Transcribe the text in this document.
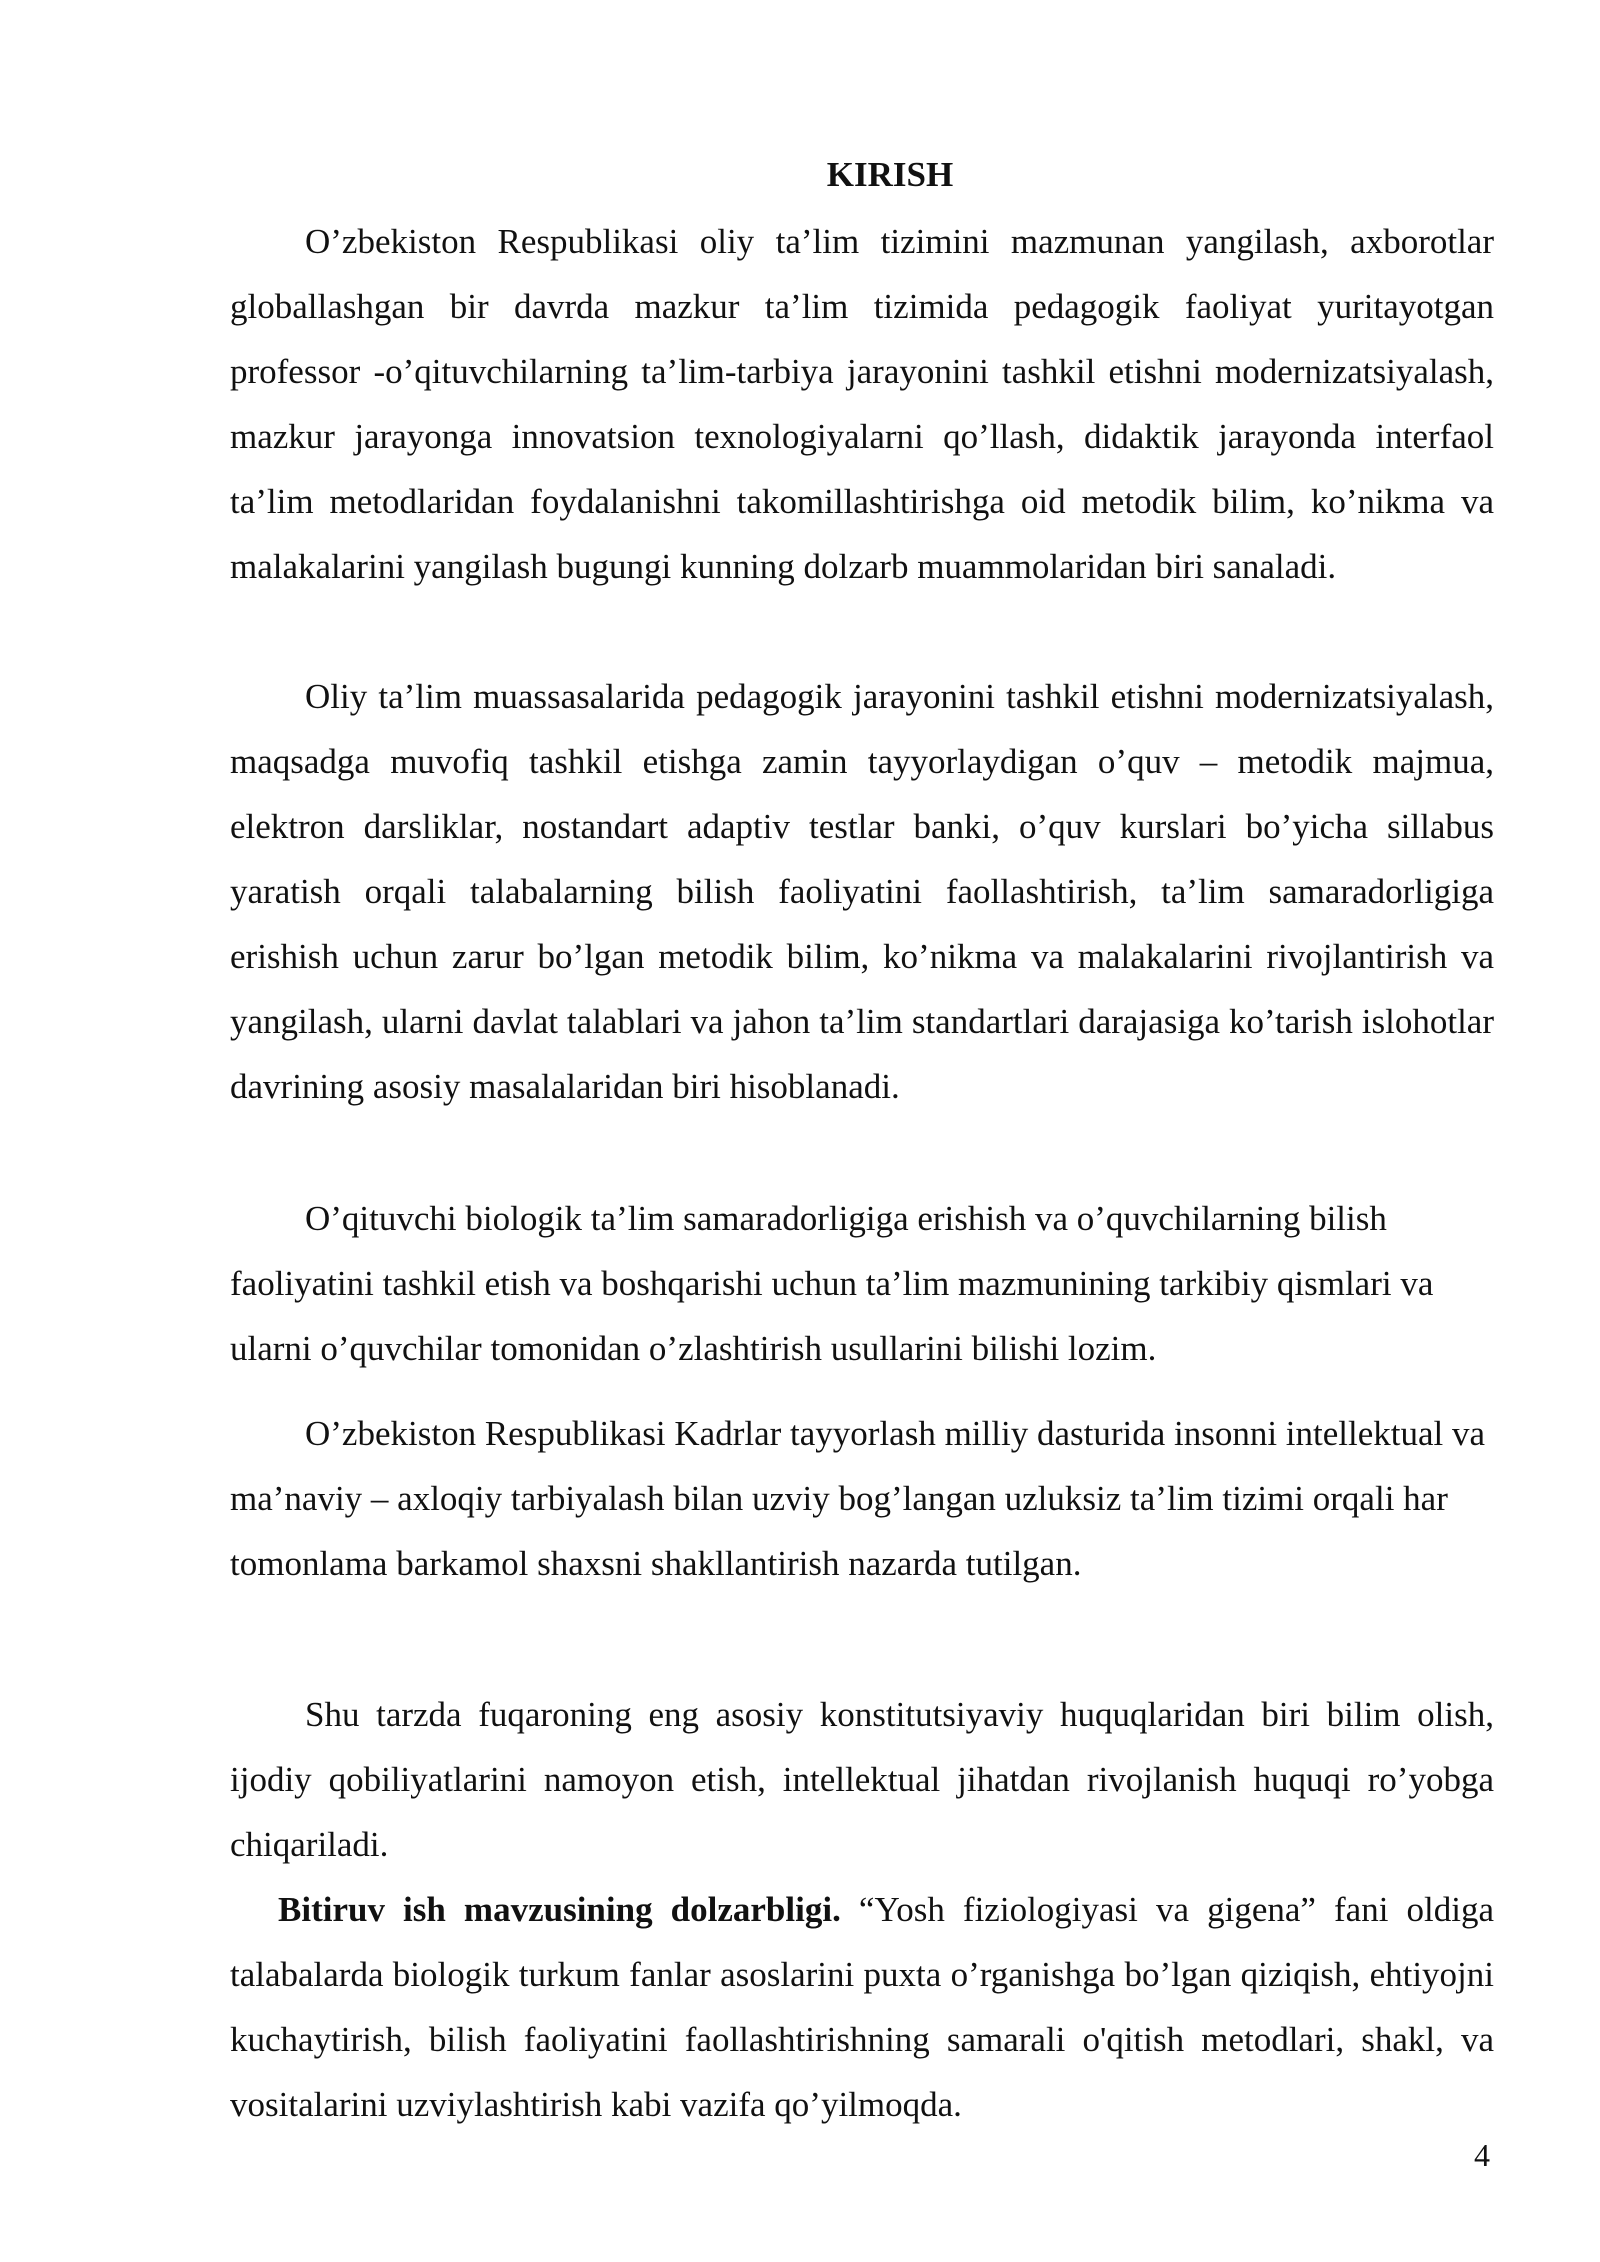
KIRISH

O’zbekiston Respublikasi oliy ta’lim tizimini mazmunan yangilash, axborotlar globallashgan bir davrda mazkur ta’lim tizimida pedagogik faoliyat yuritayotgan professor -o’qituvchilarning ta’lim-tarbiya jarayonini tashkil etishni modernizatsiyalash, mazkur jarayonga innovatsion texnologiyalarni qo’llash, didaktik jarayonda interfaol ta’lim metodlaridan foydalanishni takomillashtirishga oid metodik bilim, ko’nikma va malakalarini yangilash bugungi kunning dolzarb muammolaridan biri sanaladi.

Oliy ta’lim muassasalarida pedagogik jarayonini tashkil etishni modernizatsiyalash, maqsadga muvofiq tashkil etishga zamin tayyorlaydigan o’quv – metodik majmua, elektron darsliklar, nostandart adaptiv testlar banki, o’quv kurslari bo’yicha sillabus yaratish orqali talabalarning bilish faoliyatini faollashtirish, ta’lim samaradorligiga erishish uchun zarur bo’lgan metodik bilim, ko’nikma va malakalarini rivojlantirish va yangilash, ularni davlat talablari va jahon ta’lim standartlari darajasiga ko’tarish islohotlar davrining asosiy masalalaridan biri hisoblanadi.

O’qituvchi biologik ta’lim samaradorligiga erishish va o’quvchilarning bilish faoliyatini tashkil etish va boshqarishi uchun ta’lim mazmunining tarkibiy qismlari va ularni o’quvchilar tomonidan o’zlashtirish usullarini bilishi lozim.

O’zbekiston Respublikasi Kadrlar tayyorlash milliy dasturida insonni intellektual va ma’naviy – axloqiy tarbiyalash bilan uzviy bog’langan uzluksiz ta’lim tizimi orqali har tomonlama barkamol shaxsni shakllantirish nazarda tutilgan.

Shu tarzda fuqaroning eng asosiy konstitutsiyaviy huquqlaridan biri bilim olish, ijodiy qobiliyatlarini namoyon etish, intellektual jihatdan rivojlanish huquqi ro’yobga chiqariladi.

Bitiruv ish mavzusining dolzarbligi. “Yosh fiziologiyasi va gigena” fani oldiga talabalarda biologik turkum fanlar asoslarini puxta o’rganishga bo’lgan qiziqish, ehtiyojni kuchaytirish, bilish faoliyatini faollashtirishning samarali o'qitish metodlari, shakl, va vositalarini uzviylashtirish kabi vazifa qo’yilmoqda.

4
